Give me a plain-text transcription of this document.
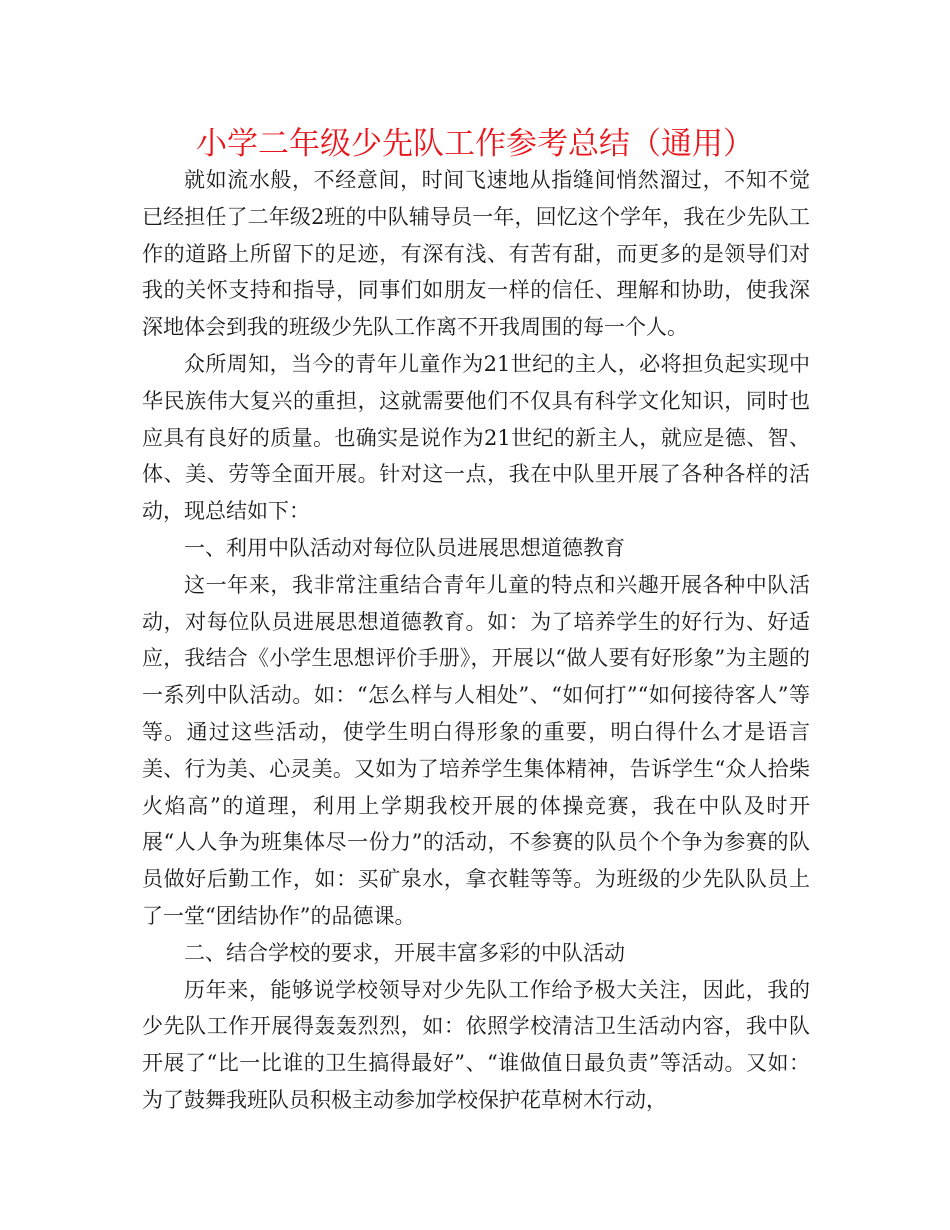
小学二年级少先队工作参考总结（通用）

就如流水般，不经意间，时间飞速地从指缝间悄然溜过，不知不觉已经担任了二年级2班的中队辅导员一年，回忆这个学年，我在少先队工作的道路上所留下的足迹，有深有浅、有苦有甜，而更多的是领导们对我的关怀支持和指导，同事们如朋友一样的信任、理解和协助，使我深深地体会到我的班级少先队工作离不开我周围的每一个人。

众所周知，当今的青年儿童作为21世纪的主人，必将担负起实现中华民族伟大复兴的重担，这就需要他们不仅具有科学文化知识，同时也应具有良好的质量。也确实是说作为21世纪的新主人，就应是德、智、体、美、劳等全面开展。针对这一点，我在中队里开展了各种各样的活动，现总结如下：

一、利用中队活动对每位队员进展思想道德教育

这一年来，我非常注重结合青年儿童的特点和兴趣开展各种中队活动，对每位队员进展思想道德教育。如：为了培养学生的好行为、好适应，我结合《小学生思想评价手册》，开展以“做人要有好形象”为主题的一系列中队活动。如：“怎么样与人相处”、“如何打”“如何接待客人”等等。通过这些活动，使学生明白得形象的重要，明白得什么才是语言美、行为美、心灵美。又如为了培养学生集体精神，告诉学生“众人拾柴火焰高”的道理，利用上学期我校开展的体操竞赛，我在中队及时开展“人人争为班集体尽一份力”的活动，不参赛的队员个个争为参赛的队员做好后勤工作，如：买矿泉水，拿衣鞋等等。为班级的少先队队员上了一堂“团结协作”的品德课。

二、结合学校的要求，开展丰富多彩的中队活动

历年来，能够说学校领导对少先队工作给予极大关注，因此，我的少先队工作开展得轰轰烈烈，如：依照学校清洁卫生活动内容，我中队开展了“比一比谁的卫生搞得最好”、“谁做值日最负责”等活动。又如：为了鼓舞我班队员积极主动参加学校保护花草树木行动，
